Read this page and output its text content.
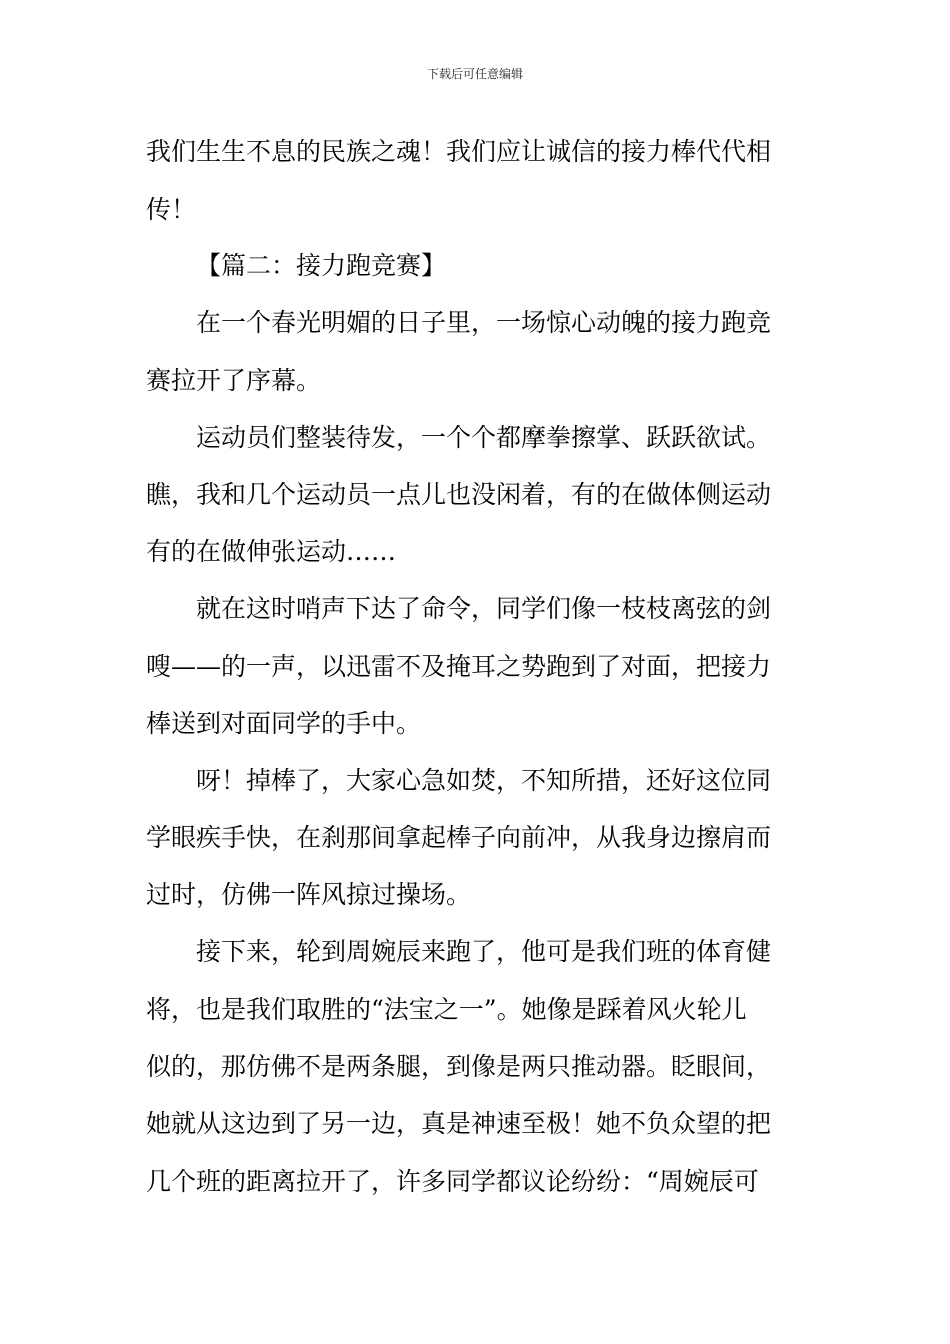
下载后可任意编辑
我们生生不息的民族之魂！我们应让诚信的接力棒代代相
传！
【篇二：接力跑竞赛】
在一个春光明媚的日子里，一场惊心动魄的接力跑竞
赛拉开了序幕。
运动员们整装待发，一个个都摩拳擦掌、跃跃欲试。
瞧，我和几个运动员一点儿也没闲着，有的在做体侧运动
有的在做伸张运动……
就在这时哨声下达了命令，同学们像一枝枝离弦的剑
嗖——的一声，以迅雷不及掩耳之势跑到了对面，把接力
棒送到对面同学的手中。
呀！掉棒了，大家心急如焚，不知所措，还好这位同
学眼疾手快，在刹那间拿起棒子向前冲，从我身边擦肩而
过时，仿佛一阵风掠过操场。
接下来，轮到周婉辰来跑了，他可是我们班的体育健
将，也是我们取胜的“法宝之一”。她像是踩着风火轮儿
似的，那仿佛不是两条腿，到像是两只推动器。眨眼间，
她就从这边到了另一边，真是神速至极！她不负众望的把
几个班的距离拉开了，许多同学都议论纷纷：“周婉辰可
